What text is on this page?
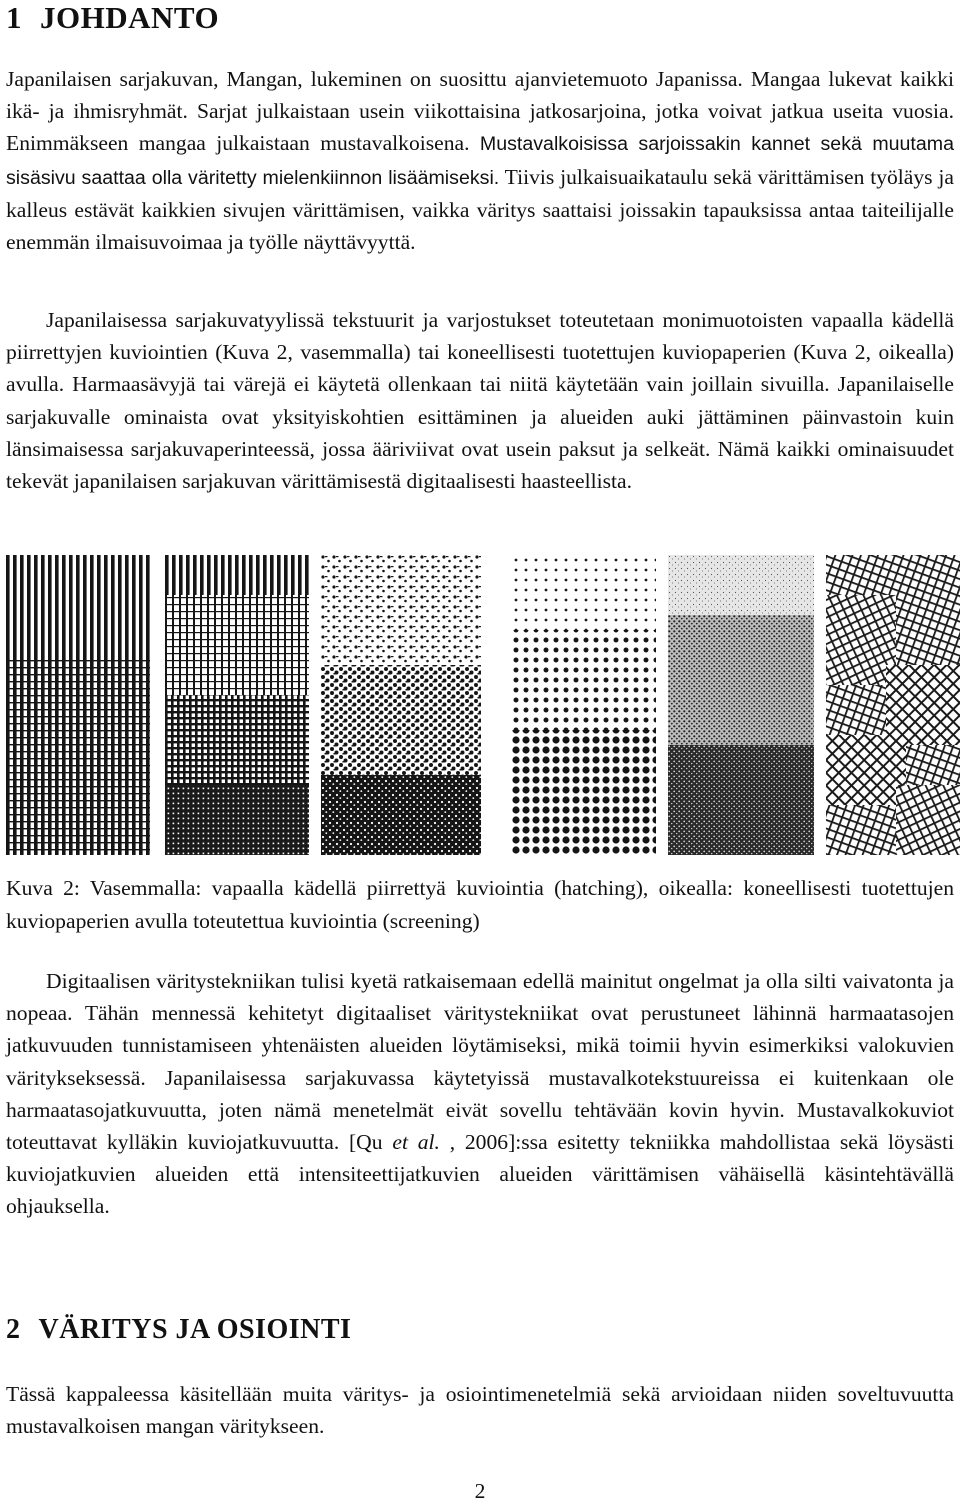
1 JOHDANTO

Japanilaisen sarjakuvan, Mangan, lukeminen on suosittu ajanvietemuoto Japanissa. Mangaa lukevat kaikki ikä- ja ihmisryhmät. Sarjat julkaistaan usein viikottaisina jatkosarjoina, jotka voivat jatkua useita vuosia. Enimmäkseen mangaa julkaistaan mustavalkoisena. Mustavalkoisissa sarjoissakin kannet sekä muutama sisäsivu saattaa olla väritetty mielenkiinnon lisäämiseksi. Tiivis julkaisuaikataulu sekä värittämisen työläys ja kalleus estävät kaikkien sivujen värittämisen, vaikka väritys saattaisi joissakin tapauksissa antaa taiteilijalle enemmän ilmaisuvoimaa ja työlle näyttävyyttä.

Japanilaisessa sarjakuvatyylissä tekstuurit ja varjostukset toteutetaan monimuotoisten vapaalla kädellä piirrettyjen kuviointien (Kuva 2, vasemmalla) tai koneellisesti tuotettujen kuviopaperien (Kuva 2, oikealla) avulla. Harmaasävyjä tai värejä ei käytetä ollenkaan tai niitä käytetään vain joillain sivuilla. Japanilaiselle sarjakuvalle ominaista ovat yksityiskohtien esittäminen ja alueiden auki jättäminen päinvastoin kuin länsimaisessa sarjakuvaperinteessä, jossa ääriviivat ovat usein paksut ja selkeät. Nämä kaikki ominaisuudet tekevät japanilaisen sarjakuvan värittämisestä digitaalisesti haasteellista.

Kuva 2: Vasemmalla: vapaalla kädellä piirrettyä kuviointia (hatching), oikealla: koneellisesti tuotettujen kuviopaperien avulla toteutettua kuviointia (screening)

Digitaalisen väritystekniikan tulisi kyetä ratkaisemaan edellä mainitut ongelmat ja olla silti vaivatonta ja nopeaa. Tähän mennessä kehitetyt digitaaliset väritystekniikat ovat perustuneet lähinnä harmaatasojen jatkuvuuden tunnistamiseen yhtenäisten alueiden löytämiseksi, mikä toimii hyvin esimerkiksi valokuvien väritykseksessä. Japanilaisessa sarjakuvassa käytetyissä mustavalkotekstuureissa ei kuitenkaan ole harmaatasojatkuvuutta, joten nämä menetelmät eivät sovellu tehtävään kovin hyvin. Mustavalkokuviot toteuttavat kylläkin kuviojatkuvuutta. [Qu et al. , 2006]:ssa esitetty tekniikka mahdollistaa sekä löysästi kuviojatkuvien alueiden että intensiteettijatkuvien alueiden värittämisen vähäisellä käsintehtävällä ohjauksella.

2 VÄRITYS JA OSIOINTI

Tässä kappaleessa käsitellään muita väritys- ja osiointimenetelmiä sekä arvioidaan niiden soveltuvuutta mustavalkoisen mangan väritykseen.

2
